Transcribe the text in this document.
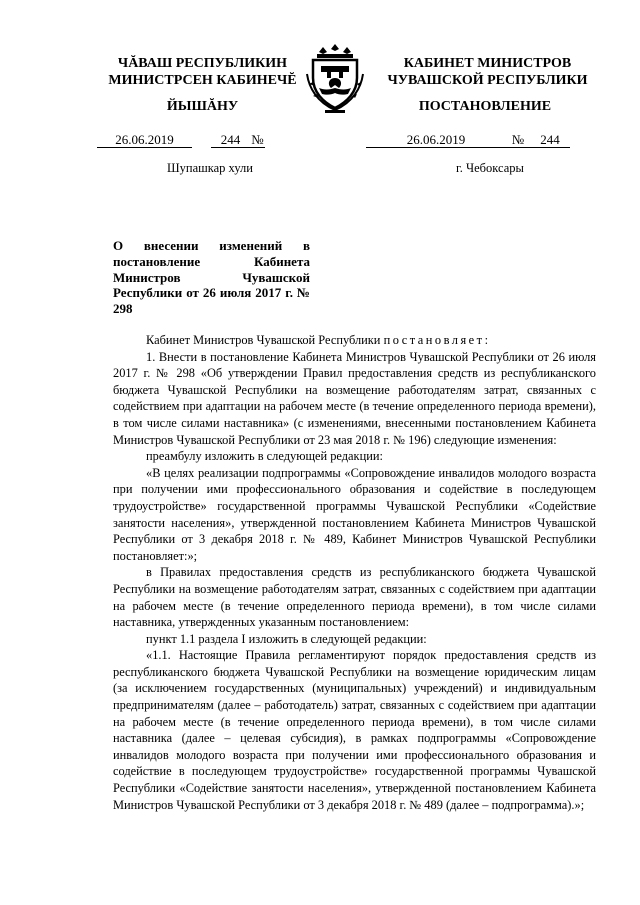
ЧĂВАШ РЕСПУБЛИКИН
МИНИСТРСЕН КАБИНЕЧĔ
ЙЫШĂНУ
26.06.2019	244 №
Шупашкар хули
КАБИНЕТ МИНИСТРОВ
ЧУВАШСКОЙ РЕСПУБЛИКИ
ПОСТАНОВЛЕНИЕ
26.06.2019	№ 244
г. Чебоксары
О внесении изменений в постановление Кабинета Министров Чувашской Республики от 26 июля 2017 г. № 298

Кабинет Министров Чувашской Республики постановляет:

1. Внести в постановление Кабинета Министров Чувашской Республики от 26 июля 2017 г. № 298 «Об утверждении Правил предоставления средств из республиканского бюджета Чувашской Республики на возмещение работодателям затрат, связанных с содействием при адаптации на рабочем месте (в течение определенного периода времени), в том числе силами наставника» (с изменениями, внесенными постановлением Кабинета Министров Чувашской Республики от 23 мая 2018 г. № 196) следующие изменения:

преамбулу изложить в следующей редакции:

«В целях реализации подпрограммы «Сопровождение инвалидов молодого возраста при получении ими профессионального образования и содействие в последующем трудоустройстве» государственной программы Чувашской Республики «Содействие занятости населения», утвержденной постановлением Кабинета Министров Чувашской Республики от 3 декабря 2018 г. № 489, Кабинет Министров Чувашской Республики постановляет:»;

в Правилах предоставления средств из республиканского бюджета Чувашской Республики на возмещение работодателям затрат, связанных с содействием при адаптации на рабочем месте (в течение определенного периода времени), в том числе силами наставника, утвержденных указанным постановлением:

пункт 1.1 раздела I изложить в следующей редакции:

«1.1. Настоящие Правила регламентируют порядок предоставления средств из республиканского бюджета Чувашской Республики на возмещение юридическим лицам (за исключением государственных (муниципальных) учреждений) и индивидуальным предпринимателям (далее – работодатель) затрат, связанных с содействием при адаптации на рабочем месте (в течение определенного периода времени), в том числе силами наставника (далее – целевая субсидия), в рамках подпрограммы «Сопровождение инвалидов молодого возраста при получении ими профессионального образования и содействие в последующем трудоустройстве» государственной программы Чувашской Республики «Содействие занятости населения», утвержденной постановлением Кабинета Министров Чувашской Республики от 3 декабря 2018 г. № 489 (далее – подпрограмма).»;
